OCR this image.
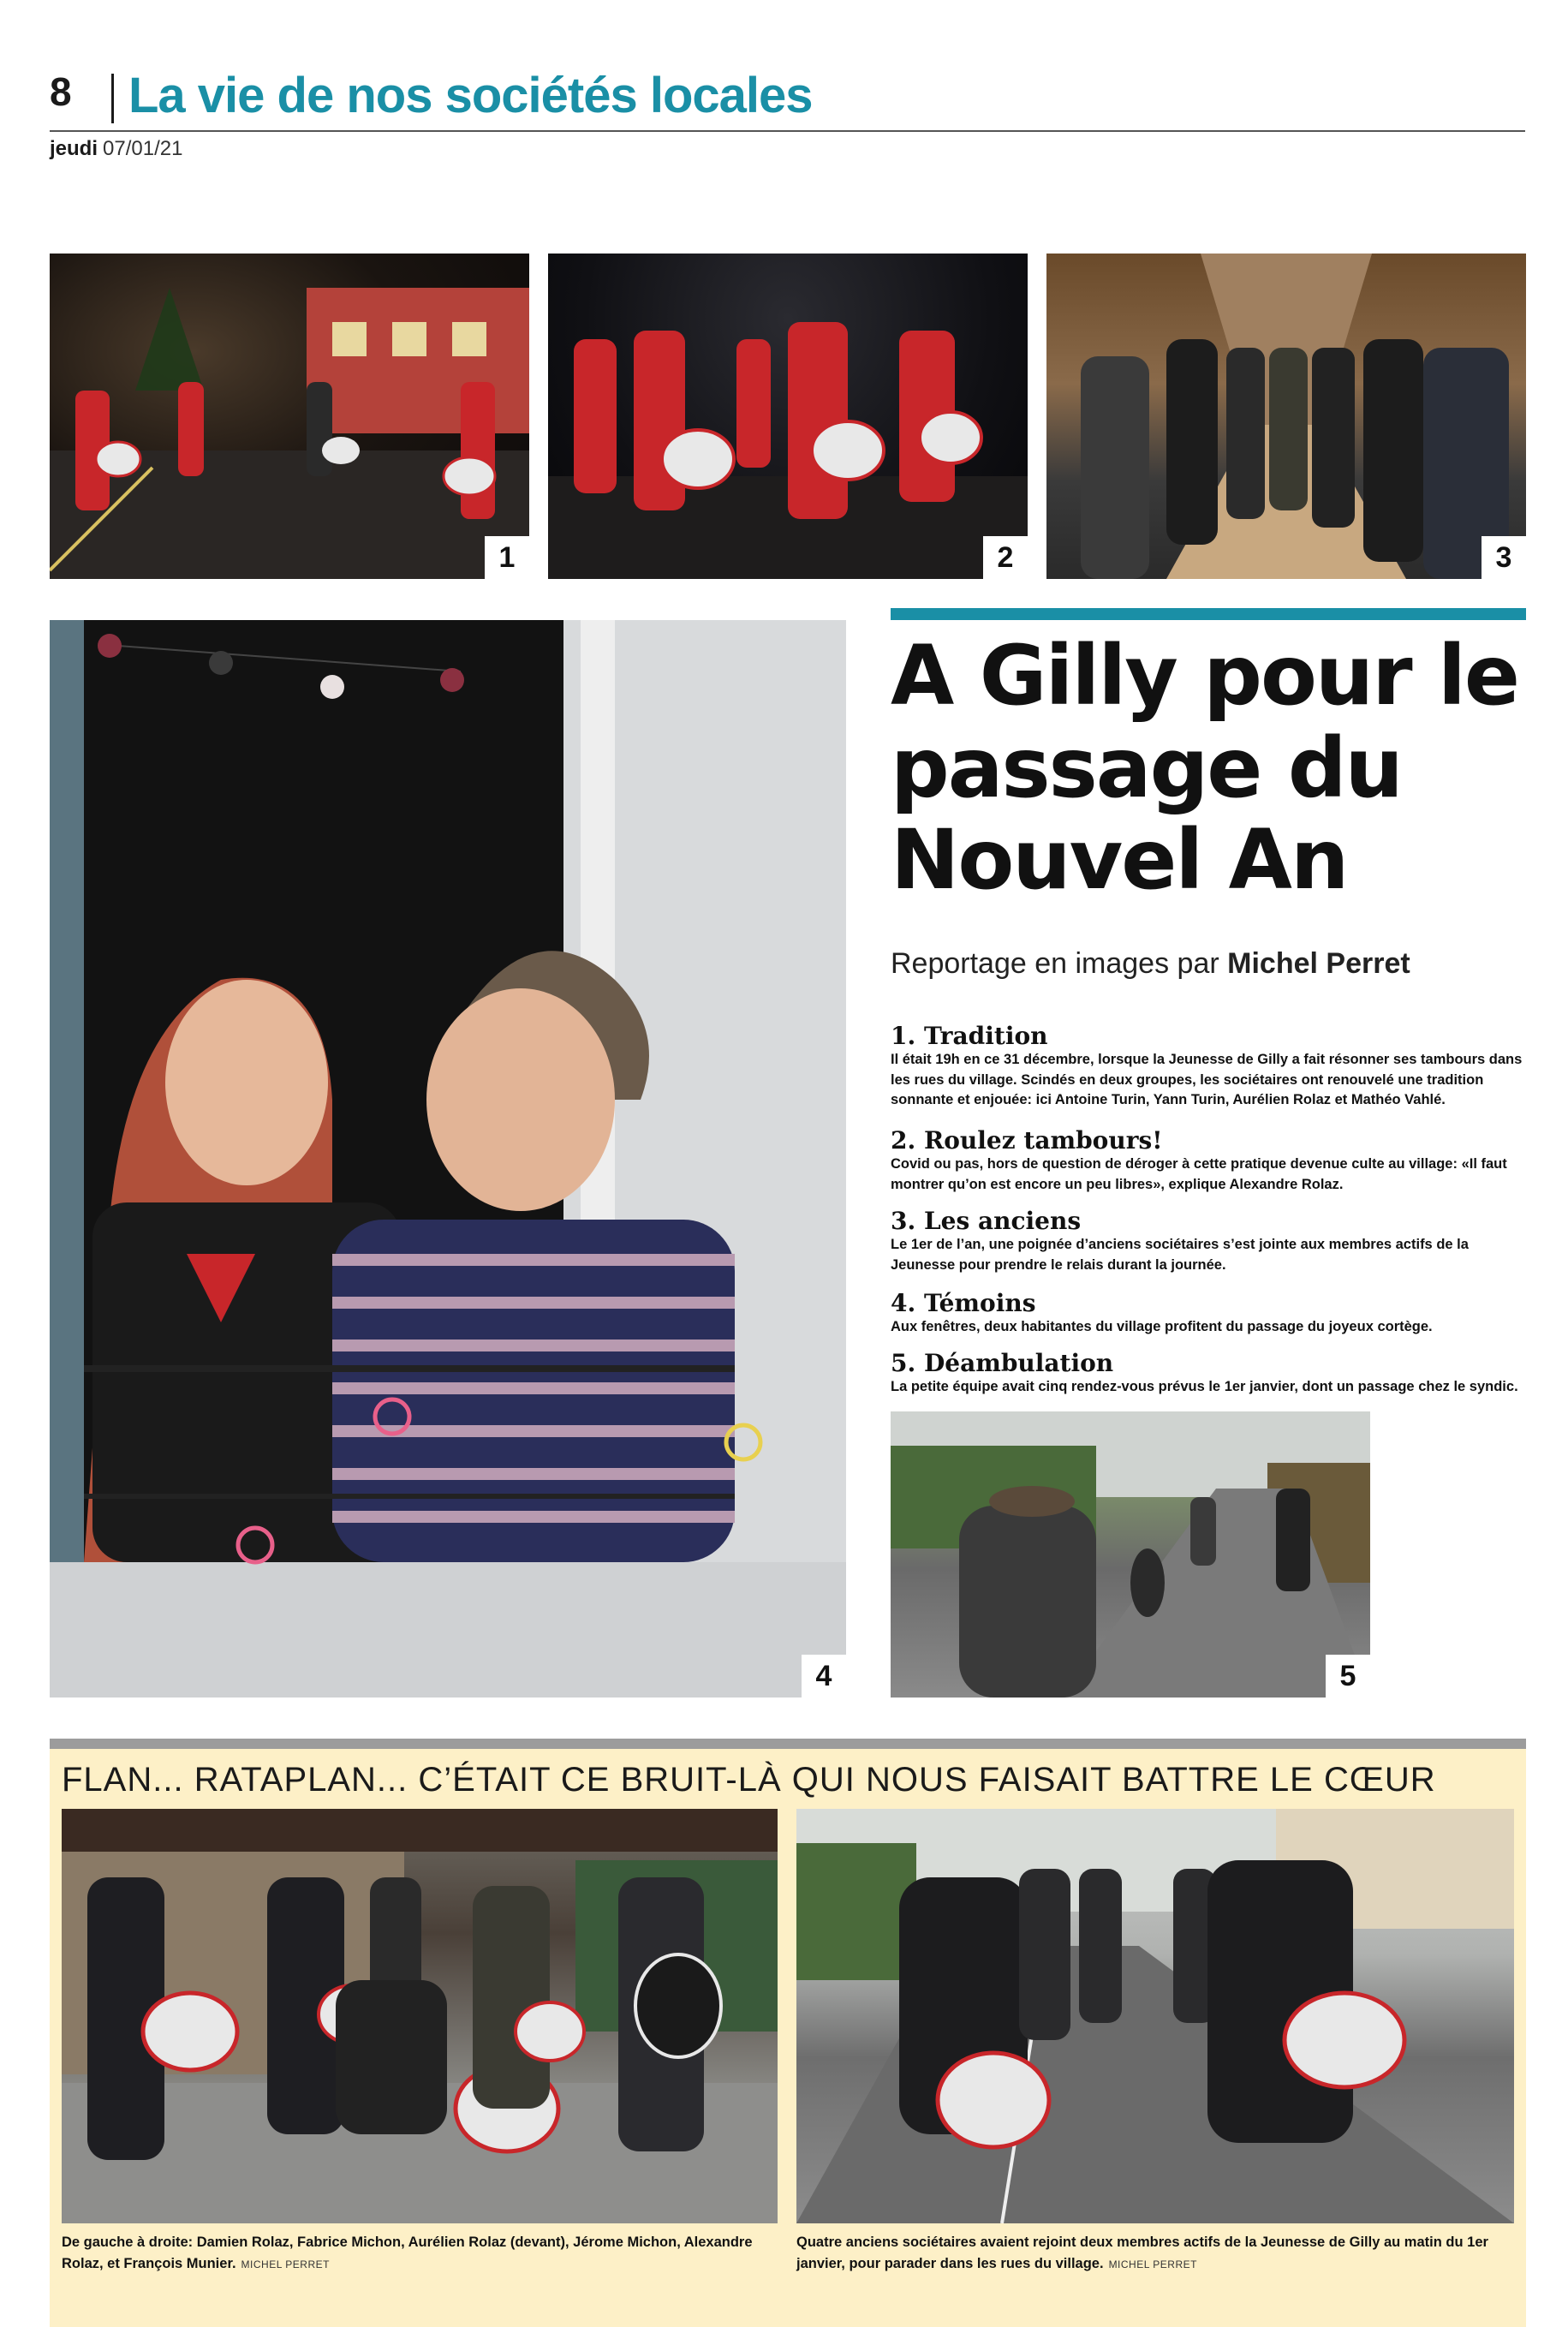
8 La vie de nos sociétés locales
jeudi 07/01/21
1	2	3
4
A Gilly pour le
passage du
Nouvel An
Reportage en images par Michel Perret
1. Tradition

Il était 19h en ce 31 décembre, lorsque la Jeunesse de Gilly a fait résonner ses tambours dans les rues du village. Scindés en deux groupes, les sociétaires ont renouvelé une tradition sonnante et enjouée: ici Antoine Turin, Yann Turin, Aurélien Rolaz et Mathéo Vahlé.

2. Roulez tambours!

Covid ou pas, hors de question de déroger à cette pratique devenue culte au village: «Il faut montrer qu’on est encore un peu libres», explique Alexandre Rolaz.

3. Les anciens

Le 1er de l’an, une poignée d’anciens sociétaires s’est jointe aux membres actifs de la Jeunesse pour prendre le relais durant la journée.

4. Témoins

Aux fenêtres, deux habitantes du village profitent du passage du joyeux cortège.

5. Déambulation

La petite équipe avait cinq rendez-vous prévus le 1er janvier, dont un passage chez le syndic.

5
FLAN... RATAPLAN... C’ÉTAIT CE BRUIT-LÀ QUI NOUS FAISAIT BATTRE LE CŒUR
De gauche à droite: Damien Rolaz, Fabrice Michon, Aurélien Rolaz (devant), Jérome Michon, Alexandre Rolaz, et François Munier. MICHEL PERRET
Quatre anciens sociétaires avaient rejoint deux membres actifs de la Jeunesse de Gilly au matin du 1er janvier, pour parader dans les rues du village. MICHEL PERRET
